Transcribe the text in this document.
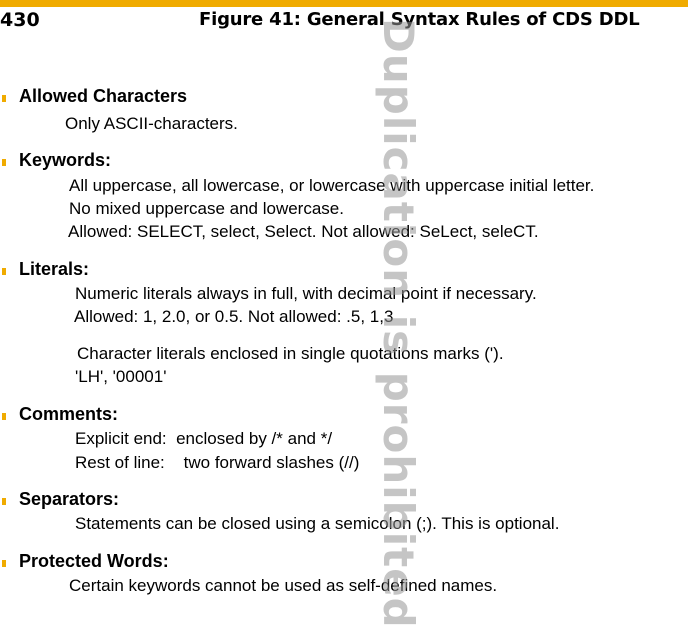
430	Figure 41: General Syntax Rules of CDS DDL
Allowed Characters
Only ASCII-characters.
Keywords:
All uppercase, all lowercase, or lowercase with uppercase initial letter.
No mixed uppercase and lowercase.
Allowed: SELECT, select, Select. Not allowed: SeLect, seleCT.
Literals:
Numeric literals always in full, with decimal point if necessary.
Allowed: 1, 2.0, or 0.5. Not allowed: .5, 1,3
Character literals enclosed in single quotations marks (').
'LH', '00001'
Comments:
Explicit end:  enclosed by /* and */
Rest of line:    two forward slashes (//)
Separators:
Statements can be closed using a semicolon (;). This is optional.
Protected Words:
Certain keywords cannot be used as self-defined names.
Duplication is prohibited
